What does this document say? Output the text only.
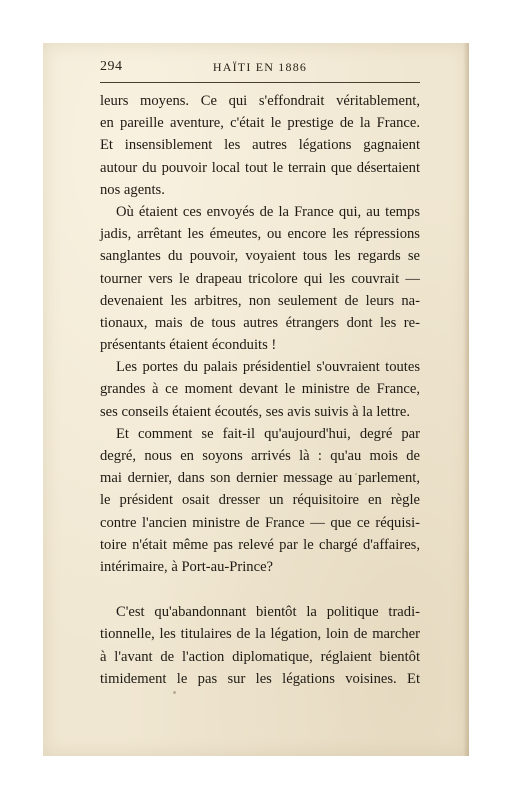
294	HAÏTI EN 1886
leurs moyens. Ce qui s'effondrait véritablement,
en pareille aventure, c'était le prestige de la France.
Et insensiblement les autres légations gagnaient
autour du pouvoir local tout le terrain que désertaient
nos agents.
Où étaient ces envoyés de la France qui, au temps
jadis, arrêtant les émeutes, ou encore les répressions
sanglantes du pouvoir, voyaient tous les regards se
tourner vers le drapeau tricolore qui les couvrait —
devenaient les arbitres, non seulement de leurs na-
tionaux, mais de tous autres étrangers dont les re-
présentants étaient éconduits !
Les portes du palais présidentiel s'ouvraient toutes
grandes à ce moment devant le ministre de France,
ses conseils étaient écoutés, ses avis suivis à la lettre.
Et comment se fait-il qu'aujourd'hui, degré par
degré, nous en soyons arrivés là : qu'au mois de
mai dernier, dans son dernier message au parlement,
le président osait dresser un réquisitoire en règle
contre l'ancien ministre de France — que ce réquisi-
toire n'était même pas relevé par le chargé d'affaires,
intérimaire, à Port-au-Prince?
C'est qu'abandonnant bientôt la politique tradi-
tionnelle, les titulaires de la légation, loin de marcher
à l'avant de l'action diplomatique, réglaient bientôt
timidement le pas sur les légations voisines. Et
